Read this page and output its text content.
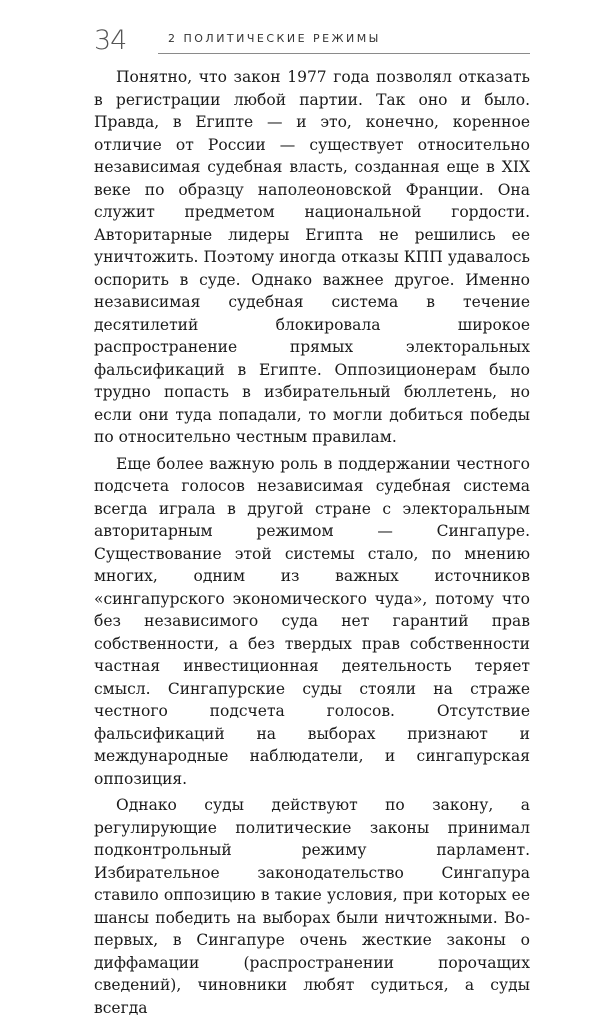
34	2 ПОЛИТИЧЕСКИЕ РЕЖИМЫ

Понятно, что закон 1977 года позволял отказать в регистрации любой партии. Так оно и было. Правда, в Египте — и это, конечно, коренное отличие от России — существует относительно независимая судебная власть, созданная еще в XIX веке по образцу наполеоновской Франции. Она служит предметом национальной гордости. Авторитарные лидеры Египта не решились ее уничтожить. Поэтому иногда отказы КПП удавалось оспорить в суде. Однако важнее другое. Именно независимая судебная система в течение десятилетий блокировала широкое распространение прямых электоральных фальсификаций в Египте. Оппозиционерам было трудно попасть в избирательный бюллетень, но если они туда попадали, то могли добиться победы по относительно честным правилам.

Еще более важную роль в поддержании честного подсчета голосов независимая судебная система всегда играла в другой стране с электоральным авторитарным режимом — Сингапуре. Существование этой системы стало, по мнению многих, одним из важных источников «сингапурского экономического чуда», потому что без независимого суда нет гарантий прав собственности, а без твердых прав собственности частная инвестиционная деятельность теряет смысл. Сингапурские суды стояли на страже честного подсчета голосов. Отсутствие фальсификаций на выборах признают и международные наблюдатели, и сингапурская оппозиция.

Однако суды действуют по закону, а регулирующие политические законы принимал подконтрольный режиму парламент. Избирательное законодательство Сингапура ставило оппозицию в такие условия, при которых ее шансы победить на выборах были ничтожными. Во-первых, в Сингапуре очень жесткие законы о диффамации (распространении порочащих сведений), чиновники любят судиться, а суды всегда
